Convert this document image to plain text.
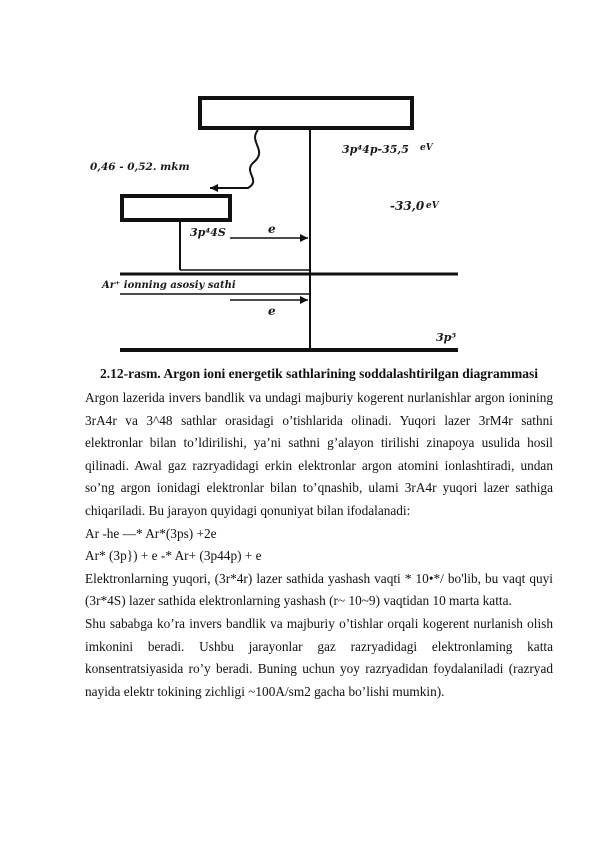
0,46 - 0,52. mkm
3p⁴4p-35,5 eV
-33,0 eV
3p⁴4S	e
Ar⁺ ionning asosiy sathi
e
3p⁵
2.12-rasm. Argon ioni energetik sathlarining soddalashtirilgan diagrammasi

Argon lazerida invers bandlik va undagi majburiy kogerent nurlanishlar argon ionining 3rA4r va 3^48 sathlar orasidagi o’tishlarida olinadi. Yuqori lazer 3rM4r sathni elektronlar bilan to’ldirilishi, ya’ni sathni g’alayon tirilishi zinapoya usulida hosil qilinadi. Awal gaz razryadidagi erkin elektronlar argon atomini ionlashtiradi, undan so’ng argon ionidagi elektronlar bilan to’qnashib, ulami 3rA4r yuqori lazer sathiga chiqariladi. Bu jarayon quyidagi qonuniyat bilan ifodalanadi:

Ar -he —* Ar*(3ps) +2e

Ar* (3p}) + e -* Ar+ (3p44p) + e

Elektronlarning yuqori, (3r*4r) lazer sathida yashash vaqti * 10•*/ bo'lib, bu vaqt quyi (3r*4S) lazer sathida elektronlarning yashash (r~ 10~9) vaqtidan 10 marta katta.

Shu sababga ko’ra invers bandlik va majburiy o’tishlar orqali kogerent nurlanish olish imkonini beradi. Ushbu jarayonlar gaz razryadidagi elektronlaming katta konsentratsiyasida ro’y beradi. Buning uchun yoy razryadidan foydalaniladi (razryad nayida elektr tokining zichligi ~100A/sm2 gacha bo’lishi mumkin).
